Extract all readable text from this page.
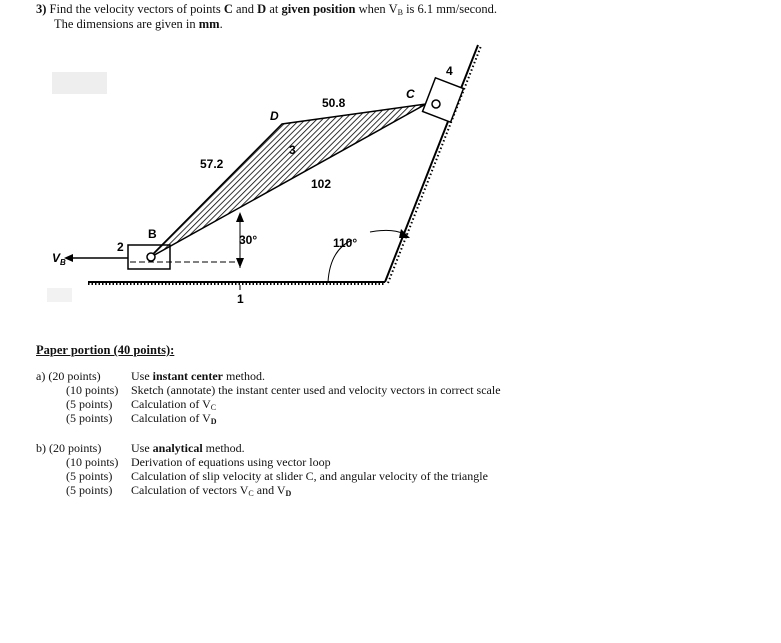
3) Find the velocity vectors of points C and D at given position when $V_B$ is 6.1 mm/second.
The dimensions are given in mm.
50.8
57.2
102
30°	110°
B
C
D
1
2
3
4
$V_B$
Paper portion (40 points):
a) (20 points)	Use instant center method.
(10 points) Sketch (annotate) the instant center used and velocity vectors in correct scale
(5 points) Calculation of $V_C$
(5 points) Calculation of $V_D$
b) (20 points) Use analytical method.
(10 points) Derivation of equations using vector loop
(5 points) Calculation of slip velocity at slider C, and angular velocity of the triangle
(5 points) Calculation of vectors $V_C$ and $V_D$
